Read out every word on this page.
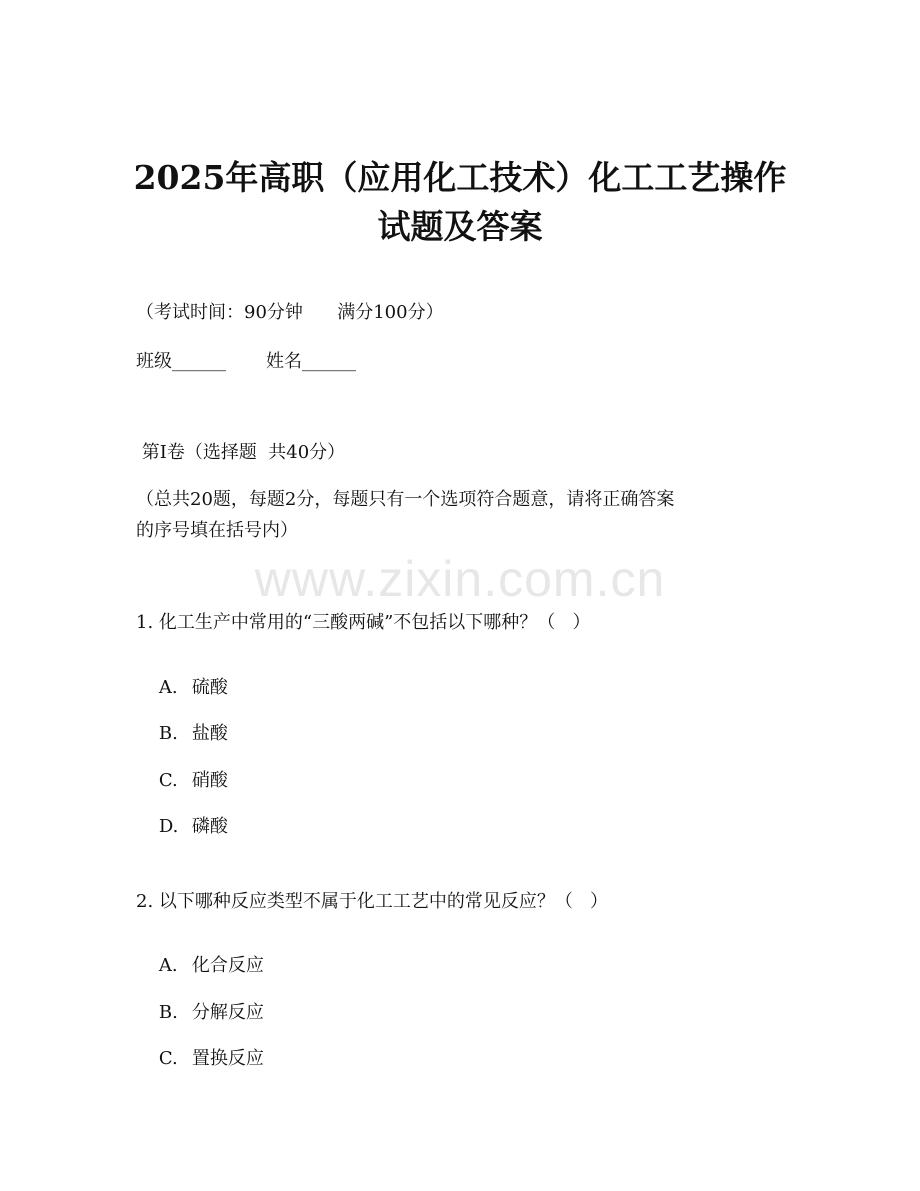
2025年高职（应用化工技术）化工工艺操作
试题及答案
（考试时间：90分钟      满分100分）
班级______       姓名______
第Ⅰ卷（选择题  共40分）
（总共20题，每题2分，每题只有一个选项符合题意，请将正确答案
的序号填在括号内）
www.zixin.com.cn
1. 化工生产中常用的“三酸两碱”不包括以下哪种？（   ）

A. 硫酸

B. 盐酸

C. 硝酸

D. 磷酸

2. 以下哪种反应类型不属于化工工艺中的常见反应？（   ）

A. 化合反应

B. 分解反应

C. 置换反应
